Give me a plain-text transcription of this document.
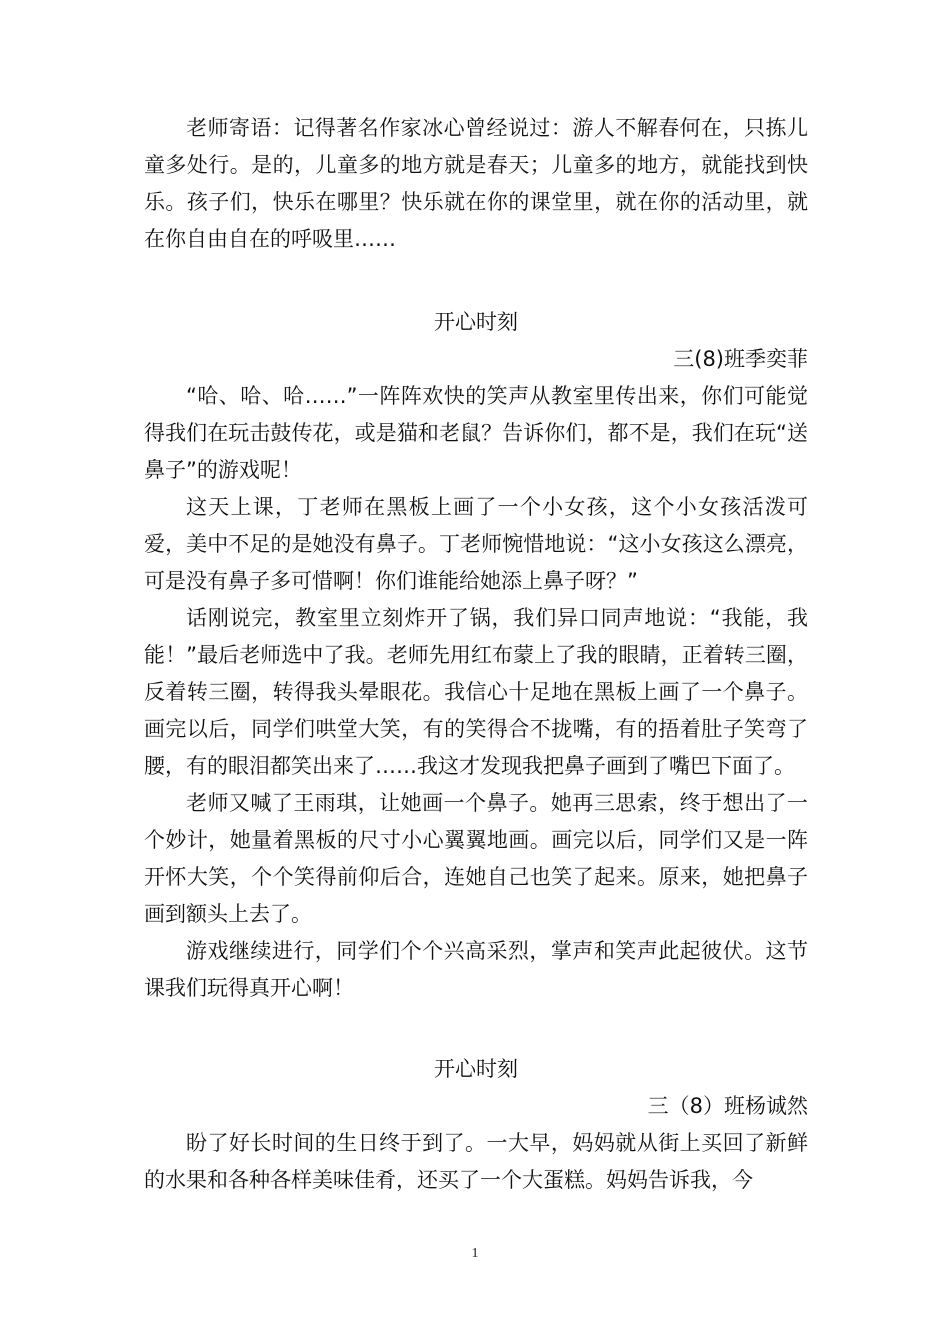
老师寄语：记得著名作家冰心曾经说过：游人不解春何在，只拣儿童多处行。是的，儿童多的地方就是春天；儿童多的地方，就能找到快乐。孩子们，快乐在哪里？快乐就在你的课堂里，就在你的活动里，就在你自由自在的呼吸里……

开心时刻

三(8)班季奕菲

“哈、哈、哈……”一阵阵欢快的笑声从教室里传出来，你们可能觉得我们在玩击鼓传花，或是猫和老鼠？告诉你们，都不是，我们在玩“送鼻子”的游戏呢！

这天上课，丁老师在黑板上画了一个小女孩，这个小女孩活泼可爱，美中不足的是她没有鼻子。丁老师惋惜地说：“这小女孩这么漂亮，可是没有鼻子多可惜啊！你们谁能给她添上鼻子呀？”

话刚说完，教室里立刻炸开了锅，我们异口同声地说：“我能，我能！”最后老师选中了我。老师先用红布蒙上了我的眼睛，正着转三圈，反着转三圈，转得我头晕眼花。我信心十足地在黑板上画了一个鼻子。画完以后，同学们哄堂大笑，有的笑得合不拢嘴，有的捂着肚子笑弯了腰，有的眼泪都笑出来了……我这才发现我把鼻子画到了嘴巴下面了。

老师又喊了王雨琪，让她画一个鼻子。她再三思索，终于想出了一个妙计，她量着黑板的尺寸小心翼翼地画。画完以后，同学们又是一阵开怀大笑，个个笑得前仰后合，连她自己也笑了起来。原来，她把鼻子画到额头上去了。

游戏继续进行，同学们个个兴高采烈，掌声和笑声此起彼伏。这节课我们玩得真开心啊！

开心时刻

三（8）班杨诚然

盼了好长时间的生日终于到了。一大早，妈妈就从街上买回了新鲜的水果和各种各样美味佳肴，还买了一个大蛋糕。妈妈告诉我，今

1
